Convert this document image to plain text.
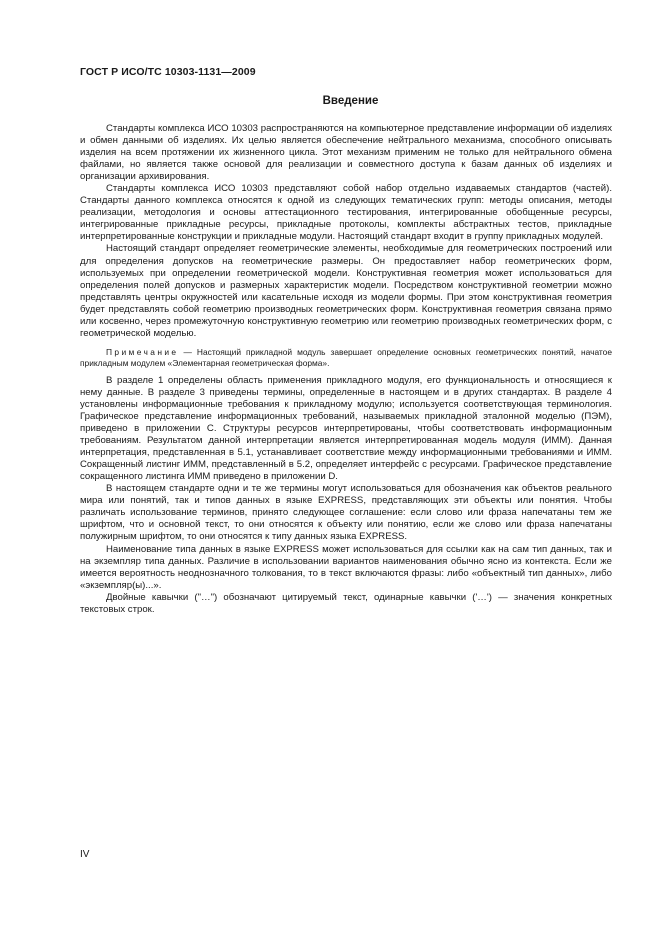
ГОСТ Р ИСО/ТС 10303-1131—2009
Введение

Стандарты комплекса ИСО 10303 распространяются на компьютерное представление информации об изделиях и обмен данными об изделиях. Их целью является обеспечение нейтрального механизма, способного описывать изделия на всем протяжении их жизненного цикла. Этот механизм применим не только для нейтрального обмена файлами, но является также основой для реализации и совместного доступа к базам данных об изделиях и организации архивирования.

Стандарты комплекса ИСО 10303 представляют собой набор отдельно издаваемых стандартов (частей). Стандарты данного комплекса относятся к одной из следующих тематических групп: методы описания, методы реализации, методология и основы аттестационного тестирования, интегрированные обобщенные ресурсы, интегрированные прикладные ресурсы, прикладные протоколы, комплекты абстрактных тестов, прикладные интерпретированные конструкции и прикладные модули. Настоящий стандарт входит в группу прикладных модулей.

Настоящий стандарт определяет геометрические элементы, необходимые для геометрических построений или для определения допусков на геометрические размеры. Он предоставляет набор геометрических форм, используемых при определении геометрической модели. Конструктивная геометрия может использоваться для определения полей допусков и размерных характеристик модели. Посредством конструктивной геометрии можно представлять центры окружностей или касательные исходя из модели формы. При этом конструктивная геометрия будет представлять собой геометрию производных геометрических форм. Конструктивная геометрия связана прямо или косвенно, через промежуточную конструктивную геометрию или геометрию производных геометрических форм, с геометрической моделью.

Примечание — Настоящий прикладной модуль завершает определение основных геометрических понятий, начатое прикладным модулем «Элементарная геометрическая форма».

В разделе 1 определены область применения прикладного модуля, его функциональность и относящиеся к нему данные. В разделе 3 приведены термины, определенные в настоящем и в других стандартах. В разделе 4 установлены информационные требования к прикладному модулю; используется соответствующая терминология. Графическое представление информационных требований, называемых прикладной эталонной моделью (ПЭМ), приведено в приложении С. Структуры ресурсов интерпретированы, чтобы соответствовать информационным требованиям. Результатом данной интерпретации является интерпретированная модель модуля (ИММ). Данная интерпретация, представленная в 5.1, устанавливает соответствие между информационными требованиями и ИММ. Сокращенный листинг ИММ, представленный в 5.2, определяет интерфейс с ресурсами. Графическое представление сокращенного листинга ИММ приведено в приложении D.

В настоящем стандарте одни и те же термины могут использоваться для обозначения как объектов реального мира или понятий, так и типов данных в языке EXPRESS, представляющих эти объекты или понятия. Чтобы различать использование терминов, принято следующее соглашение: если слово или фраза напечатаны тем же шрифтом, что и основной текст, то они относятся к объекту или понятию, если же слово или фраза напечатаны полужирным шрифтом, то они относятся к типу данных языка EXPRESS.

Наименование типа данных в языке EXPRESS может использоваться для ссылки как на сам тип данных, так и на экземпляр типа данных. Различие в использовании вариантов наименования обычно ясно из контекста. Если же имеется вероятность неоднозначного толкования, то в текст включаются фразы: либо «объектный тип данных», либо «экземпляр(ы)...».

Двойные кавычки ("…") обозначают цитируемый текст, одинарные кавычки ('…') — значения конкретных текстовых строк.

IV
